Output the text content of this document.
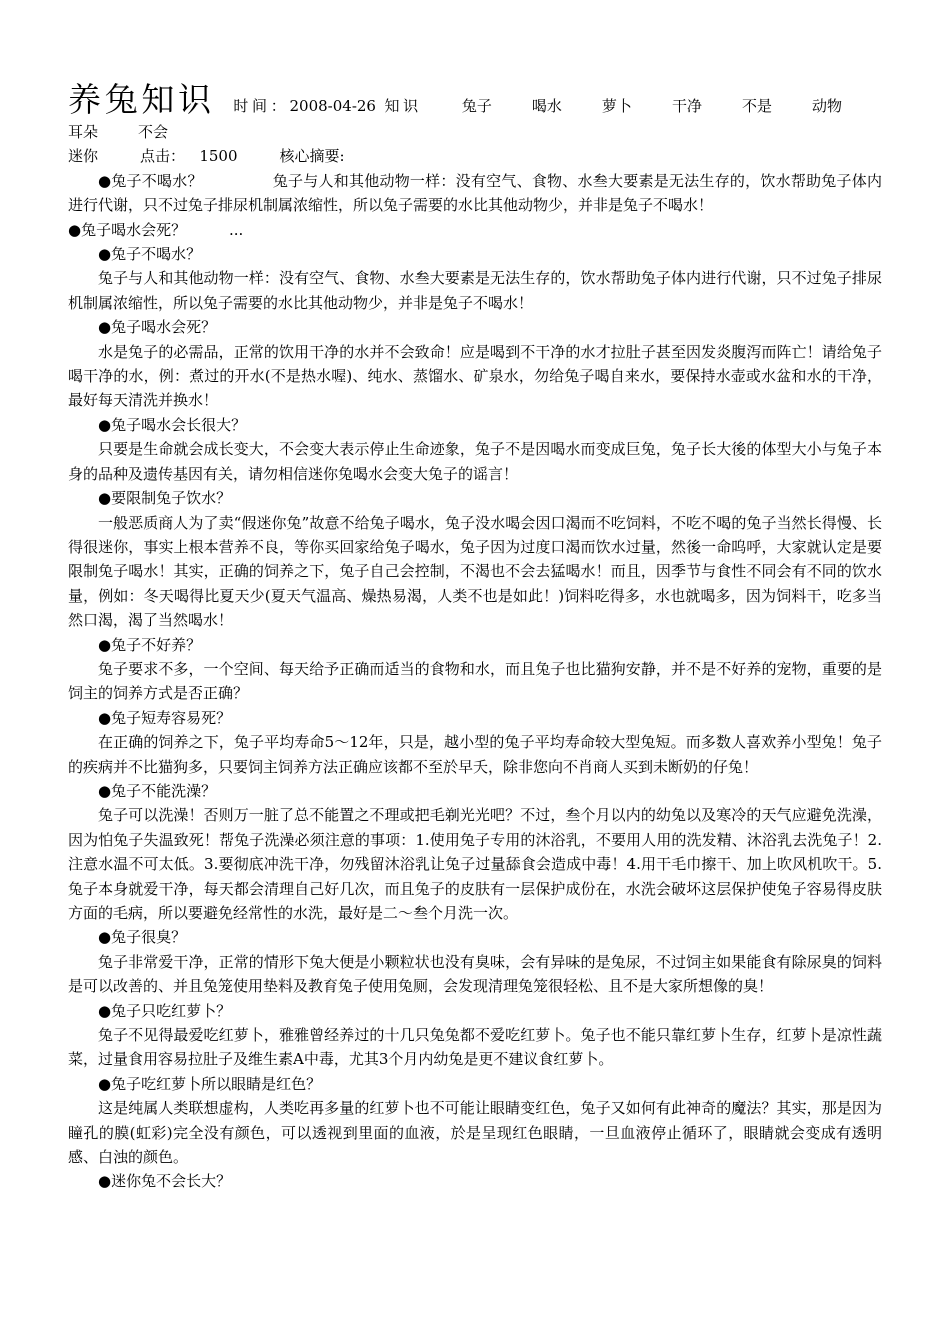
养兔知识 时间：2008-04-26 知识	兔子	喝水	萝卜	干净	不是	动物耳朵	不会

迷你	点击： 1500	核心摘要:

●兔子不喝水？	兔子与人和其他动物一样：没有空气、食物、水叁大要素是无法生存的，饮水帮助兔子体内进行代谢，只不过兔子排尿机制属浓缩性，所以兔子需要的水比其他动物少，并非是兔子不喝水！

●兔子喝水会死？	...

●兔子不喝水？

兔子与人和其他动物一样：没有空气、食物、水叁大要素是无法生存的，饮水帮助兔子体内进行代谢，只不过兔子排尿机制属浓缩性，所以兔子需要的水比其他动物少，并非是兔子不喝水！

●兔子喝水会死？

水是兔子的必需品，正常的饮用干净的水并不会致命！应是喝到不干净的水才拉肚子甚至因发炎腹泻而阵亡！请给兔子喝干净的水，例：煮过的开水(不是热水喔)、纯水、蒸馏水、矿泉水，勿给兔子喝自来水，要保持水壶或水盆和水的干净，最好每天清洗并换水！

●兔子喝水会长很大？

只要是生命就会成长变大，不会变大表示停止生命迹象，兔子不是因喝水而变成巨兔，兔子长大後的体型大小与兔子本身的品种及遗传基因有关，请勿相信迷你兔喝水会变大兔子的谣言！

●要限制兔子饮水？

一般恶质商人为了卖“假迷你兔”故意不给兔子喝水，兔子没水喝会因口渴而不吃饲料，不吃不喝的兔子当然长得慢、长得很迷你，事实上根本营养不良，等你买回家给兔子喝水，兔子因为过度口渴而饮水过量，然後一命呜呼，大家就认定是要限制兔子喝水！其实，正确的饲养之下，兔子自己会控制，不渴也不会去猛喝水！而且，因季节与食性不同会有不同的饮水量，例如：冬天喝得比夏天少(夏天气温高、燥热易渴，人类不也是如此！)饲料吃得多，水也就喝多，因为饲料干，吃多当然口渴，渴了当然喝水！

●兔子不好养？

兔子要求不多，一个空间、每天给予正确而适当的食物和水，而且兔子也比猫狗安静，并不是不好养的宠物，重要的是饲主的饲养方式是否正确？

●兔子短寿容易死？

在正确的饲养之下，兔子平均寿命5～12年，只是，越小型的兔子平均寿命较大型兔短。而多数人喜欢养小型兔！兔子的疾病并不比猫狗多，只要饲主饲养方法正确应该都不至於早夭，除非您向不肖商人买到未断奶的仔兔！

●兔子不能洗澡？

兔子可以洗澡！否则万一脏了总不能置之不理或把毛剃光光吧？不过，叁个月以内的幼兔以及寒冷的天气应避免洗澡，因为怕兔子失温致死！帮兔子洗澡必须注意的事项：1.使用兔子专用的沐浴乳，不要用人用的洗发精、沐浴乳去洗兔子！2.注意水温不可太低。3.要彻底冲洗干净，勿残留沐浴乳让兔子过量舔食会造成中毒！4.用干毛巾擦干、加上吹风机吹干。5.兔子本身就爱干净，每天都会清理自己好几次，而且兔子的皮肤有一层保护成份在，水洗会破坏这层保护使兔子容易得皮肤方面的毛病，所以要避免经常性的水洗，最好是二～叁个月洗一次。

●兔子很臭？

兔子非常爱干净，正常的情形下兔大便是小颗粒状也没有臭味，会有异味的是兔尿，不过饲主如果能食有除尿臭的饲料是可以改善的、并且兔笼使用垫料及教育兔子使用兔厕，会发现清理兔笼很轻松、且不是大家所想像的臭！

●兔子只吃红萝卜？

兔子不见得最爱吃红萝卜，雅雅曾经养过的十几只兔兔都不爱吃红萝卜。兔子也不能只靠红萝卜生存，红萝卜是凉性蔬菜，过量食用容易拉肚子及维生素A中毒，尤其3个月内幼兔是更不建议食红萝卜。

●兔子吃红萝卜所以眼睛是红色？

这是纯属人类联想虚构，人类吃再多量的红萝卜也不可能让眼睛变红色，兔子又如何有此神奇的魔法？其实，那是因为瞳孔的膜(虹彩)完全没有颜色，可以透视到里面的血液，於是呈现红色眼睛，一旦血液停止循环了，眼睛就会变成有透明感、白浊的颜色。

●迷你兔不会长大？
